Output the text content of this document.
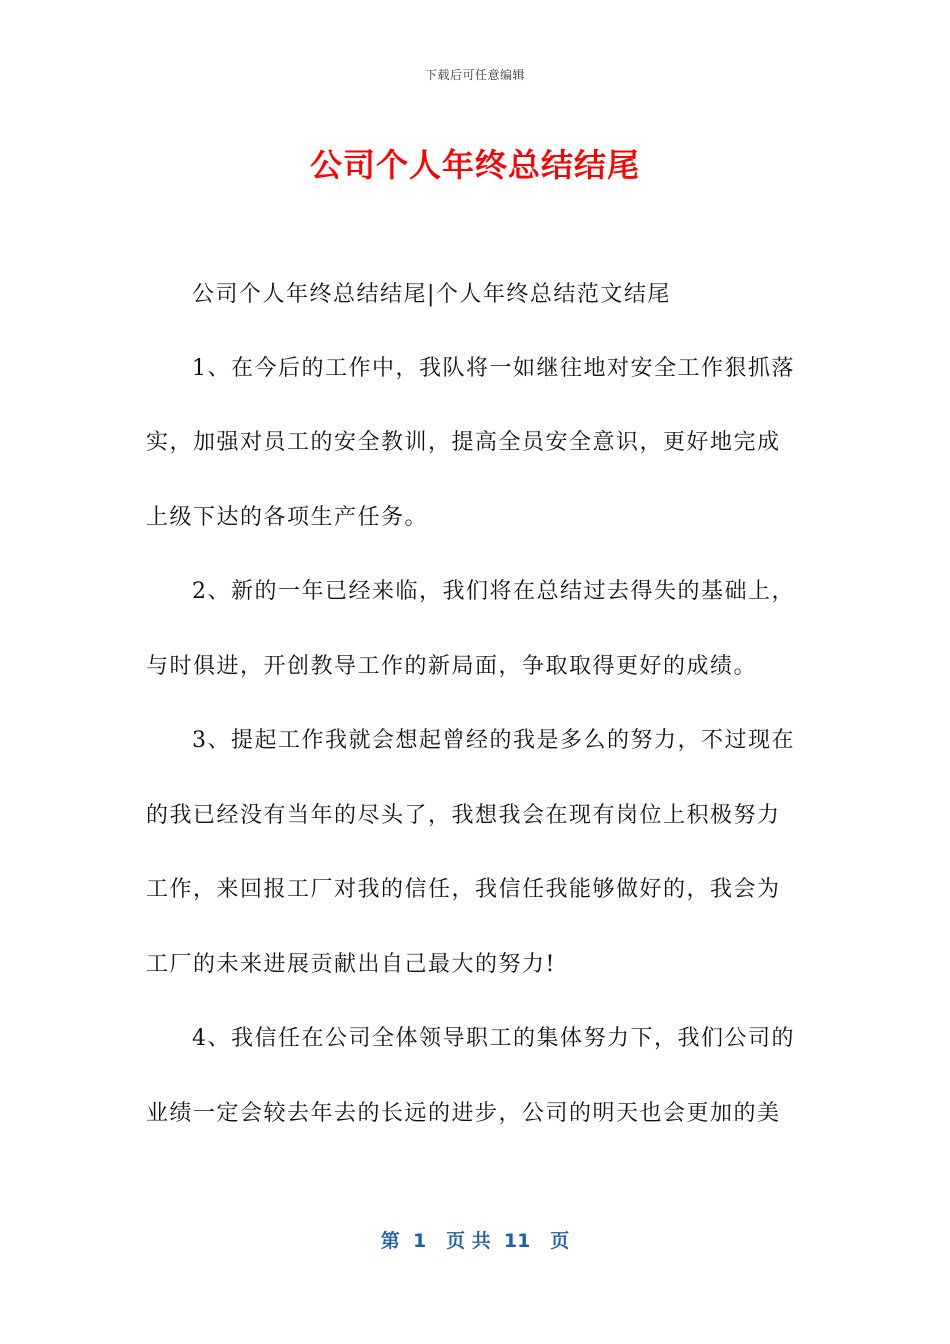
下载后可任意编辑
公司个人年终总结结尾
公司个人年终总结结尾|个人年终总结范文结尾
1、在今后的工作中，我队将一如继往地对安全工作狠抓落
实，加强对员工的安全教训，提高全员安全意识，更好地完成
上级下达的各项生产任务。
2、新的一年已经来临，我们将在总结过去得失的基础上，
与时俱进，开创教导工作的新局面，争取取得更好的成绩。
3、提起工作我就会想起曾经的我是多么的努力，不过现在
的我已经没有当年的尽头了，我想我会在现有岗位上积极努力
工作，来回报工厂对我的信任，我信任我能够做好的，我会为
工厂的未来进展贡献出自己最大的努力!
4、我信任在公司全体领导职工的集体努力下，我们公司的
业绩一定会较去年去的长远的进步，公司的明天也会更加的美
第  1   页 共  11   页
